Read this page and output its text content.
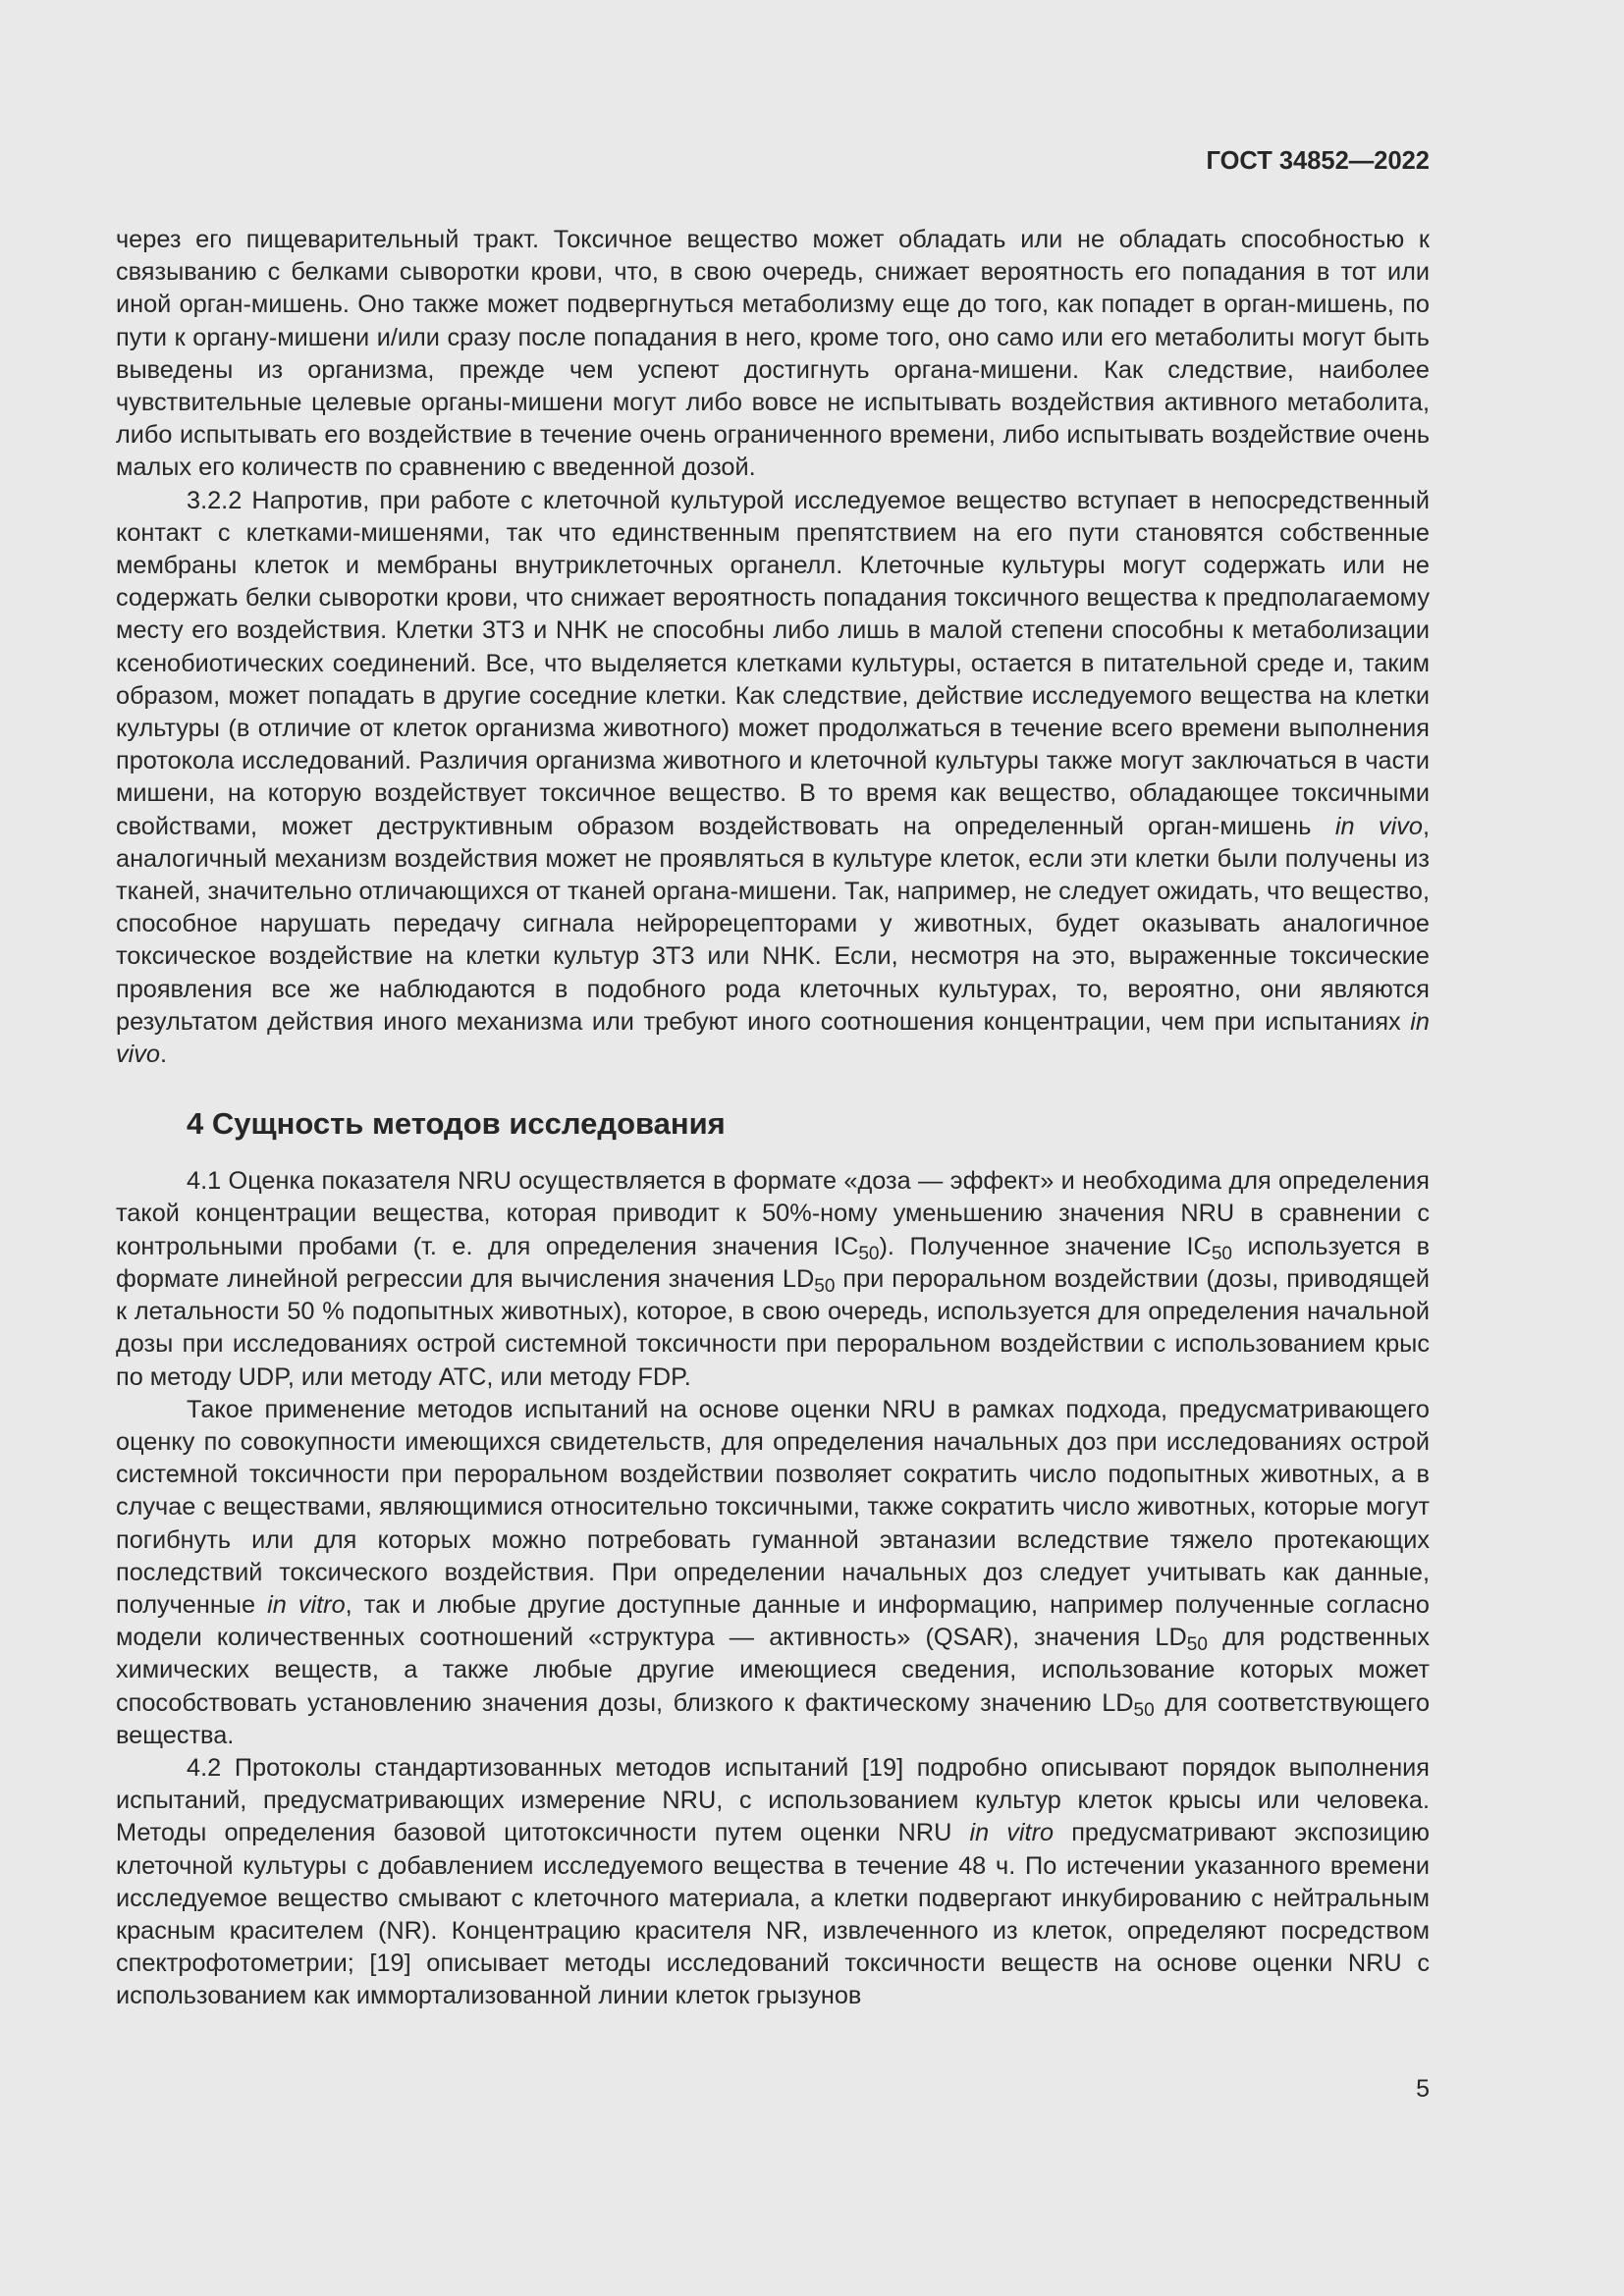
ГОСТ 34852—2022

через его пищеварительный тракт. Токсичное вещество может обладать или не обладать способностью к связыванию с белками сыворотки крови, что, в свою очередь, снижает вероятность его попадания в тот или иной орган-мишень. Оно также может подвергнуться метаболизму еще до того, как попадет в орган-мишень, по пути к органу-мишени и/или сразу после попадания в него, кроме того, оно само или его метаболиты могут быть выведены из организма, прежде чем успеют достигнуть органа-мишени. Как следствие, наиболее чувствительные целевые органы-мишени могут либо вовсе не испытывать воздействия активного метаболита, либо испытывать его воздействие в течение очень ограниченного времени, либо испытывать воздействие очень малых его количеств по сравнению с введенной дозой.

3.2.2 Напротив, при работе с клеточной культурой исследуемое вещество вступает в непосредственный контакт с клетками-мишенями, так что единственным препятствием на его пути становятся собственные мембраны клеток и мембраны внутриклеточных органелл. Клеточные культуры могут содержать или не содержать белки сыворотки крови, что снижает вероятность попадания токсичного вещества к предполагаемому месту его воздействия. Клетки 3Т3 и NHK не способны либо лишь в малой степени способны к метаболизации ксенобиотических соединений. Все, что выделяется клетками культуры, остается в питательной среде и, таким образом, может попадать в другие соседние клетки. Как следствие, действие исследуемого вещества на клетки культуры (в отличие от клеток организма животного) может продолжаться в течение всего времени выполнения протокола исследований. Различия организма животного и клеточной культуры также могут заключаться в части мишени, на которую воздействует токсичное вещество. В то время как вещество, обладающее токсичными свойствами, может деструктивным образом воздействовать на определенный орган-мишень in vivo, аналогичный механизм воздействия может не проявляться в культуре клеток, если эти клетки были получены из тканей, значительно отличающихся от тканей органа-мишени. Так, например, не следует ожидать, что вещество, способное нарушать передачу сигнала нейрорецепторами у животных, будет оказывать аналогичное токсическое воздействие на клетки культур 3Т3 или NHK. Если, несмотря на это, выраженные токсические проявления все же наблюдаются в подобного рода клеточных культурах, то, вероятно, они являются результатом действия иного механизма или требуют иного соотношения концентрации, чем при испытаниях in vivo.

4 Сущность методов исследования

4.1 Оценка показателя NRU осуществляется в формате «доза — эффект» и необходима для определения такой концентрации вещества, которая приводит к 50%-ному уменьшению значения NRU в сравнении с контрольными пробами (т. е. для определения значения $IC_{50}$). Полученное значение $IC_{50}$ используется в формате линейной регрессии для вычисления значения $LD_{50}$ при пероральном воздействии (дозы, приводящей к летальности 50 % подопытных животных), которое, в свою очередь, используется для определения начальной дозы при исследованиях острой системной токсичности при пероральном воздействии с использованием крыс по методу UDP, или методу АТС, или методу FDP.

Такое применение методов испытаний на основе оценки NRU в рамках подхода, предусматривающего оценку по совокупности имеющихся свидетельств, для определения начальных доз при исследованиях острой системной токсичности при пероральном воздействии позволяет сократить число подопытных животных, а в случае с веществами, являющимися относительно токсичными, также сократить число животных, которые могут погибнуть или для которых можно потребовать гуманной эвтаназии вследствие тяжело протекающих последствий токсического воздействия. При определении начальных доз следует учитывать как данные, полученные in vitro, так и любые другие доступные данные и информацию, например полученные согласно модели количественных соотношений «структура — активность» (QSAR), значения $LD_{50}$ для родственных химических веществ, а также любые другие имеющиеся сведения, использование которых может способствовать установлению значения дозы, близкого к фактическому значению $LD_{50}$ для соответствующего вещества.

4.2 Протоколы стандартизованных методов испытаний [19] подробно описывают порядок выполнения испытаний, предусматривающих измерение NRU, с использованием культур клеток крысы или человека. Методы определения базовой цитотоксичности путем оценки NRU in vitro предусматривают экспозицию клеточной культуры с добавлением исследуемого вещества в течение 48 ч. По истечении указанного времени исследуемое вещество смывают с клеточного материала, а клетки подвергают инкубированию с нейтральным красным красителем (NR). Концентрацию красителя NR, извлеченного из клеток, определяют посредством спектрофотометрии; [19] описывает методы исследований токсичности веществ на основе оценки NRU с использованием как иммортализованной линии клеток грызунов

5
